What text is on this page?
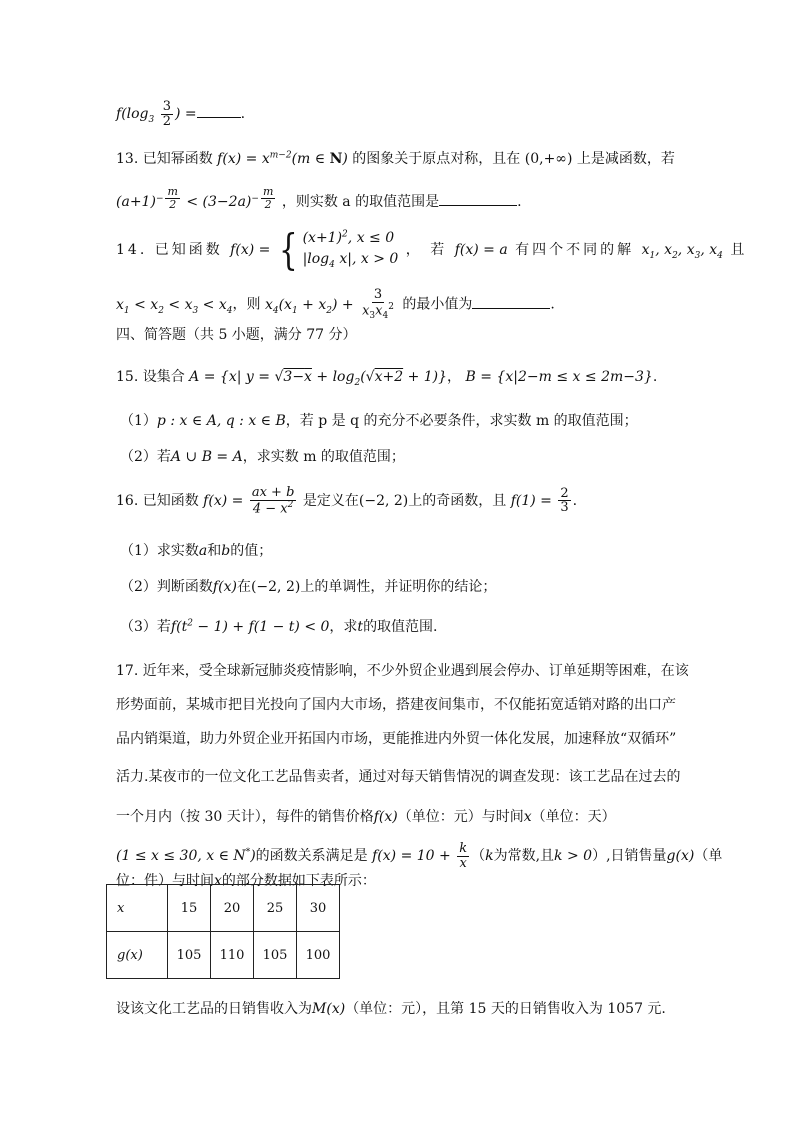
$f(\log_3 \frac{3}{2}$ ) =	.
13. 已知幂函数 $f(x) = x^{m-2}(m$ ∈ N) 的图象关于原点对称，且在 (0,+∞) 上是减函数，若
$(a+1)^{- \frac{m}{2}} < (3-2a)^{- \frac{m}{2}}$ ，则实数 a 的取值范围是	.
14. 已知函数 f ( x ) = { $(x+1)^2$, x ≤ 0
$|\log_4$ x|, x > 0
， 若 f(x) = a 有四个不同的解 $x_1$, $x_2$, $x_3$, $x_4$ 且
$x_1 < x_2 < x_3 < x_4$，则 $x_4(x_1 + x_2) + \frac{3}{x_3x_4^2}$ 的最小值为	.
四、简答题（共 5 小题，满分 77 分）
15. 设集合 A = {x| $y = √3-x + \log_2(√x+2 + 1)$}， B = {x|2−m ≤ x ≤ 2m−3}.
（1）p : x ∈ A, q : x ∈ B，若 p 是 q 的充分不必要条件，求实数 m 的取值范围；
（2）若A ∪ B = A，求实数 m 的取值范围；
16. 已知函数 $f(x) = \frac{ax + b}{4 - x^2}$ 是定义在(−2, 2)上的奇函数，且 $f(1) = \frac{2}{3}$ .
（1）求实数a和b的值；
（2）判断函数f(x)在(−2, 2)上的单调性，并证明你的结论；
（3）若$f(t^2 - 1) + f(1 - t) < 0$，求t的取值范围.
17. 近年来，受全球新冠肺炎疫情影响，不少外贸企业遇到展会停办、订单延期等困难，在该
形势面前，某城市把目光投向了国内大市场，搭建夜间集市，不仅能拓宽适销对路的出口产
品内销渠道，助力外贸企业开拓国内市场，更能推进内外贸一体化发展，加速释放“双循环”
活力.某夜市的一位文化工艺品售卖者，通过对每天销售情况的调查发现：该工艺品在过去的
一个月内（按 30 天计），每件的销售价格f(x)（单位：元）与时间x（单位：天）
(1 ≤ x ≤ 30, x ∈ N*)的函数关系满足是 $f(x) = 10 + \frac{k}{x} (k$为常数,且k > 0）,日销售量g(x)（单
位：件）与时间x的部分数据如下表所示：
x	15	20	25	30
g(x)	105	110	105	100
设该文化工艺品的日销售收入为M(x)（单位：元），且第 15 天的日销售收入为 1057 元.
